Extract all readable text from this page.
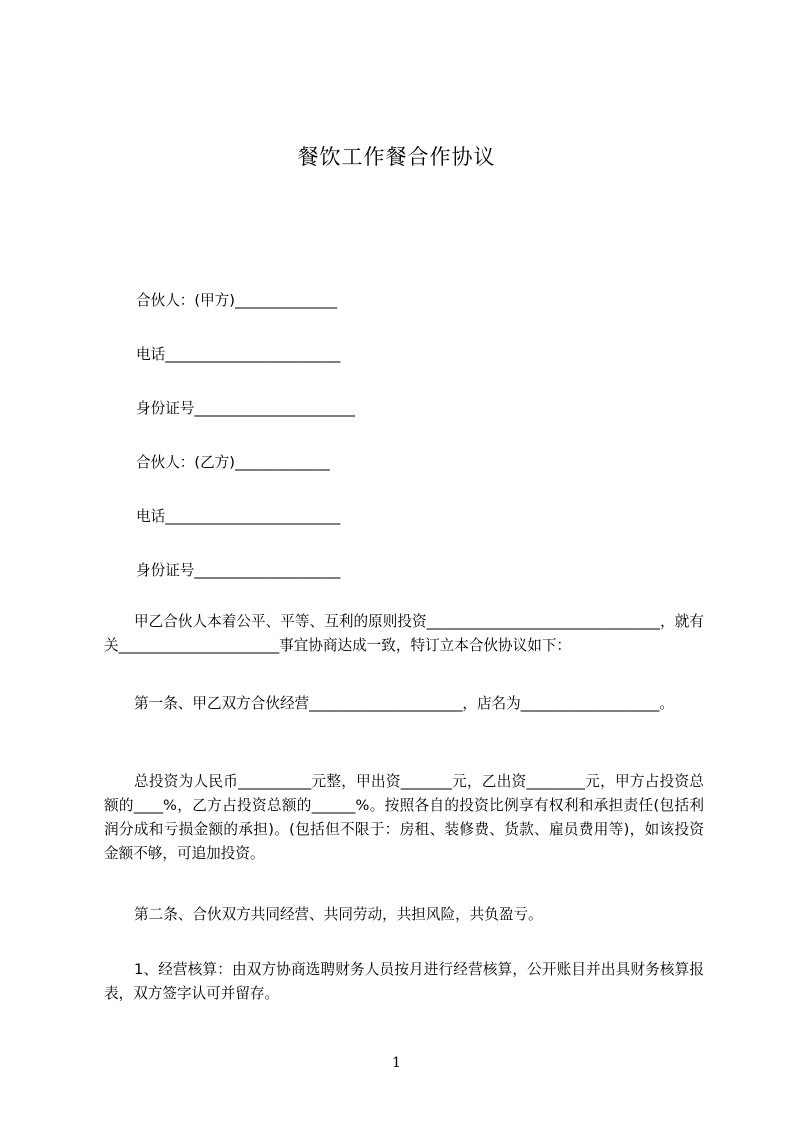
餐饮工作餐合作协议
合伙人：(甲方)______________
电话________________________
身份证号______________________
合伙人：(乙方)_____________
电话________________________
身份证号____________________
甲乙合伙人本着公平、平等、互利的原则投资________________________________，就有关______________________事宜协商达成一致，特订立本合伙协议如下：
第一条、甲乙双方合伙经营_____________________，店名为___________________。
总投资为人民币__________元整，甲出资_______元，乙出资________元，甲方占投资总额的____%，乙方占投资总额的______%。按照各自的投资比例享有权利和承担责任(包括利润分成和亏损金额的承担)。(包括但不限于：房租、装修费、货款、雇员费用等)，如该投资金额不够，可追加投资。
第二条、合伙双方共同经营、共同劳动，共担风险，共负盈亏。
1、经营核算：由双方协商选聘财务人员按月进行经营核算，公开账目并出具财务核算报表，双方签字认可并留存。
1
